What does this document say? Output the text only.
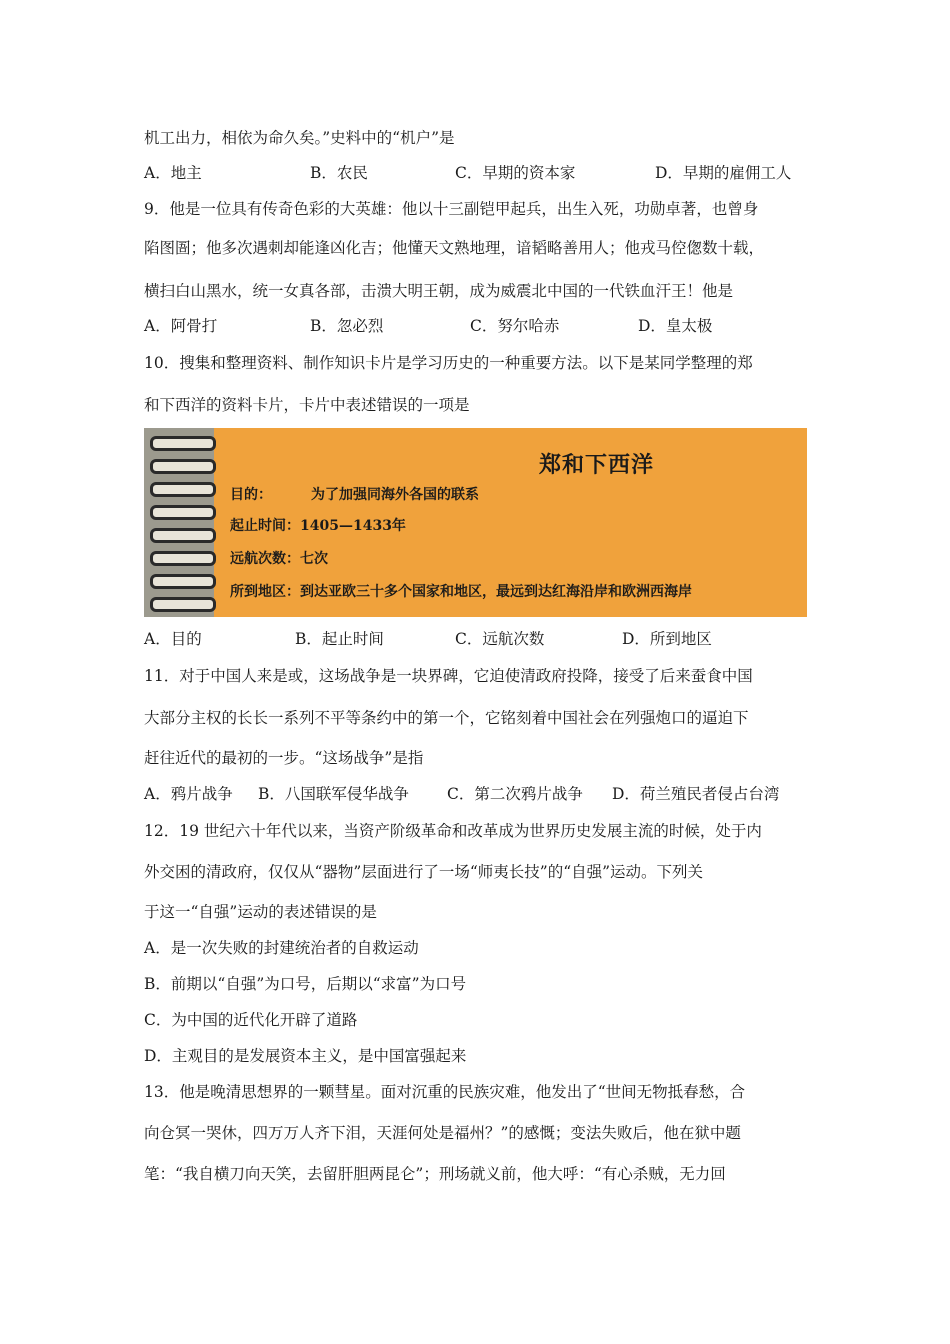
机工出力，相依为命久矣。”史料中的“机户”是
A．地主	B．农民	C．早期的资本家	D．早期的雇佣工人
9．他是一位具有传奇色彩的大英雄：他以十三副铠甲起兵，出生入死，功勋卓著，也曾身
陷图圄；他多次遇刺却能逢凶化吉；他懂天文熟地理，谙韬略善用人；他戎马倥偬数十载，
横扫白山黑水，统一女真各部，击溃大明王朝，成为威震北中国的一代铁血汗王！他是
A．阿骨打	B．忽必烈	C．努尔哈赤	D．皇太极
10．搜集和整理资料、制作知识卡片是学习历史的一种重要方法。以下是某同学整理的郑
和下西洋的资料卡片，卡片中表述错误的一项是
郑和下西洋
目的：        为了加强同海外各国的联系
起止时间：1405—1433年
远航次数：七次
所到地区：到达亚欧三十多个国家和地区，最远到达红海沿岸和欧洲西海岸
A．目的	B．起止时间	C．远航次数	D．所到地区
11．对于中国人来是或，这场战争是一块界碑，它迫使清政府投降，接受了后来蚕食中国
大部分主权的长长一系列不平等条约中的第一个，它铭刻着中国社会在列强炮口的逼迫下
赶往近代的最初的一步。“这场战争”是指
A．鸦片战争 B．八国联军侵华战争 C．第二次鸦片战争 D．荷兰殖民者侵占台湾
12．19 世纪六十年代以来，当资产阶级革命和改革成为世界历史发展主流的时候，处于内
外交困的清政府，仅仅从“器物”层面进行了一场“师夷长技”的“自强”运动。下列关
于这一“自强”运动的表述错误的是
A．是一次失败的封建统治者的自救运动
B．前期以“自强”为口号，后期以“求富”为口号
C．为中国的近代化开辟了道路
D．主观目的是发展资本主义，是中国富强起来
13．他是晚清思想界的一颗彗星。面对沉重的民族灾难，他发出了“世间无物抵春愁，合
向仓冥一哭休，四万万人齐下泪，天涯何处是福州？”的感慨；变法失败后，他在狱中题
笔：“我自横刀向天笑，去留肝胆两昆仑”；刑场就义前，他大呼：“有心杀贼，无力回
